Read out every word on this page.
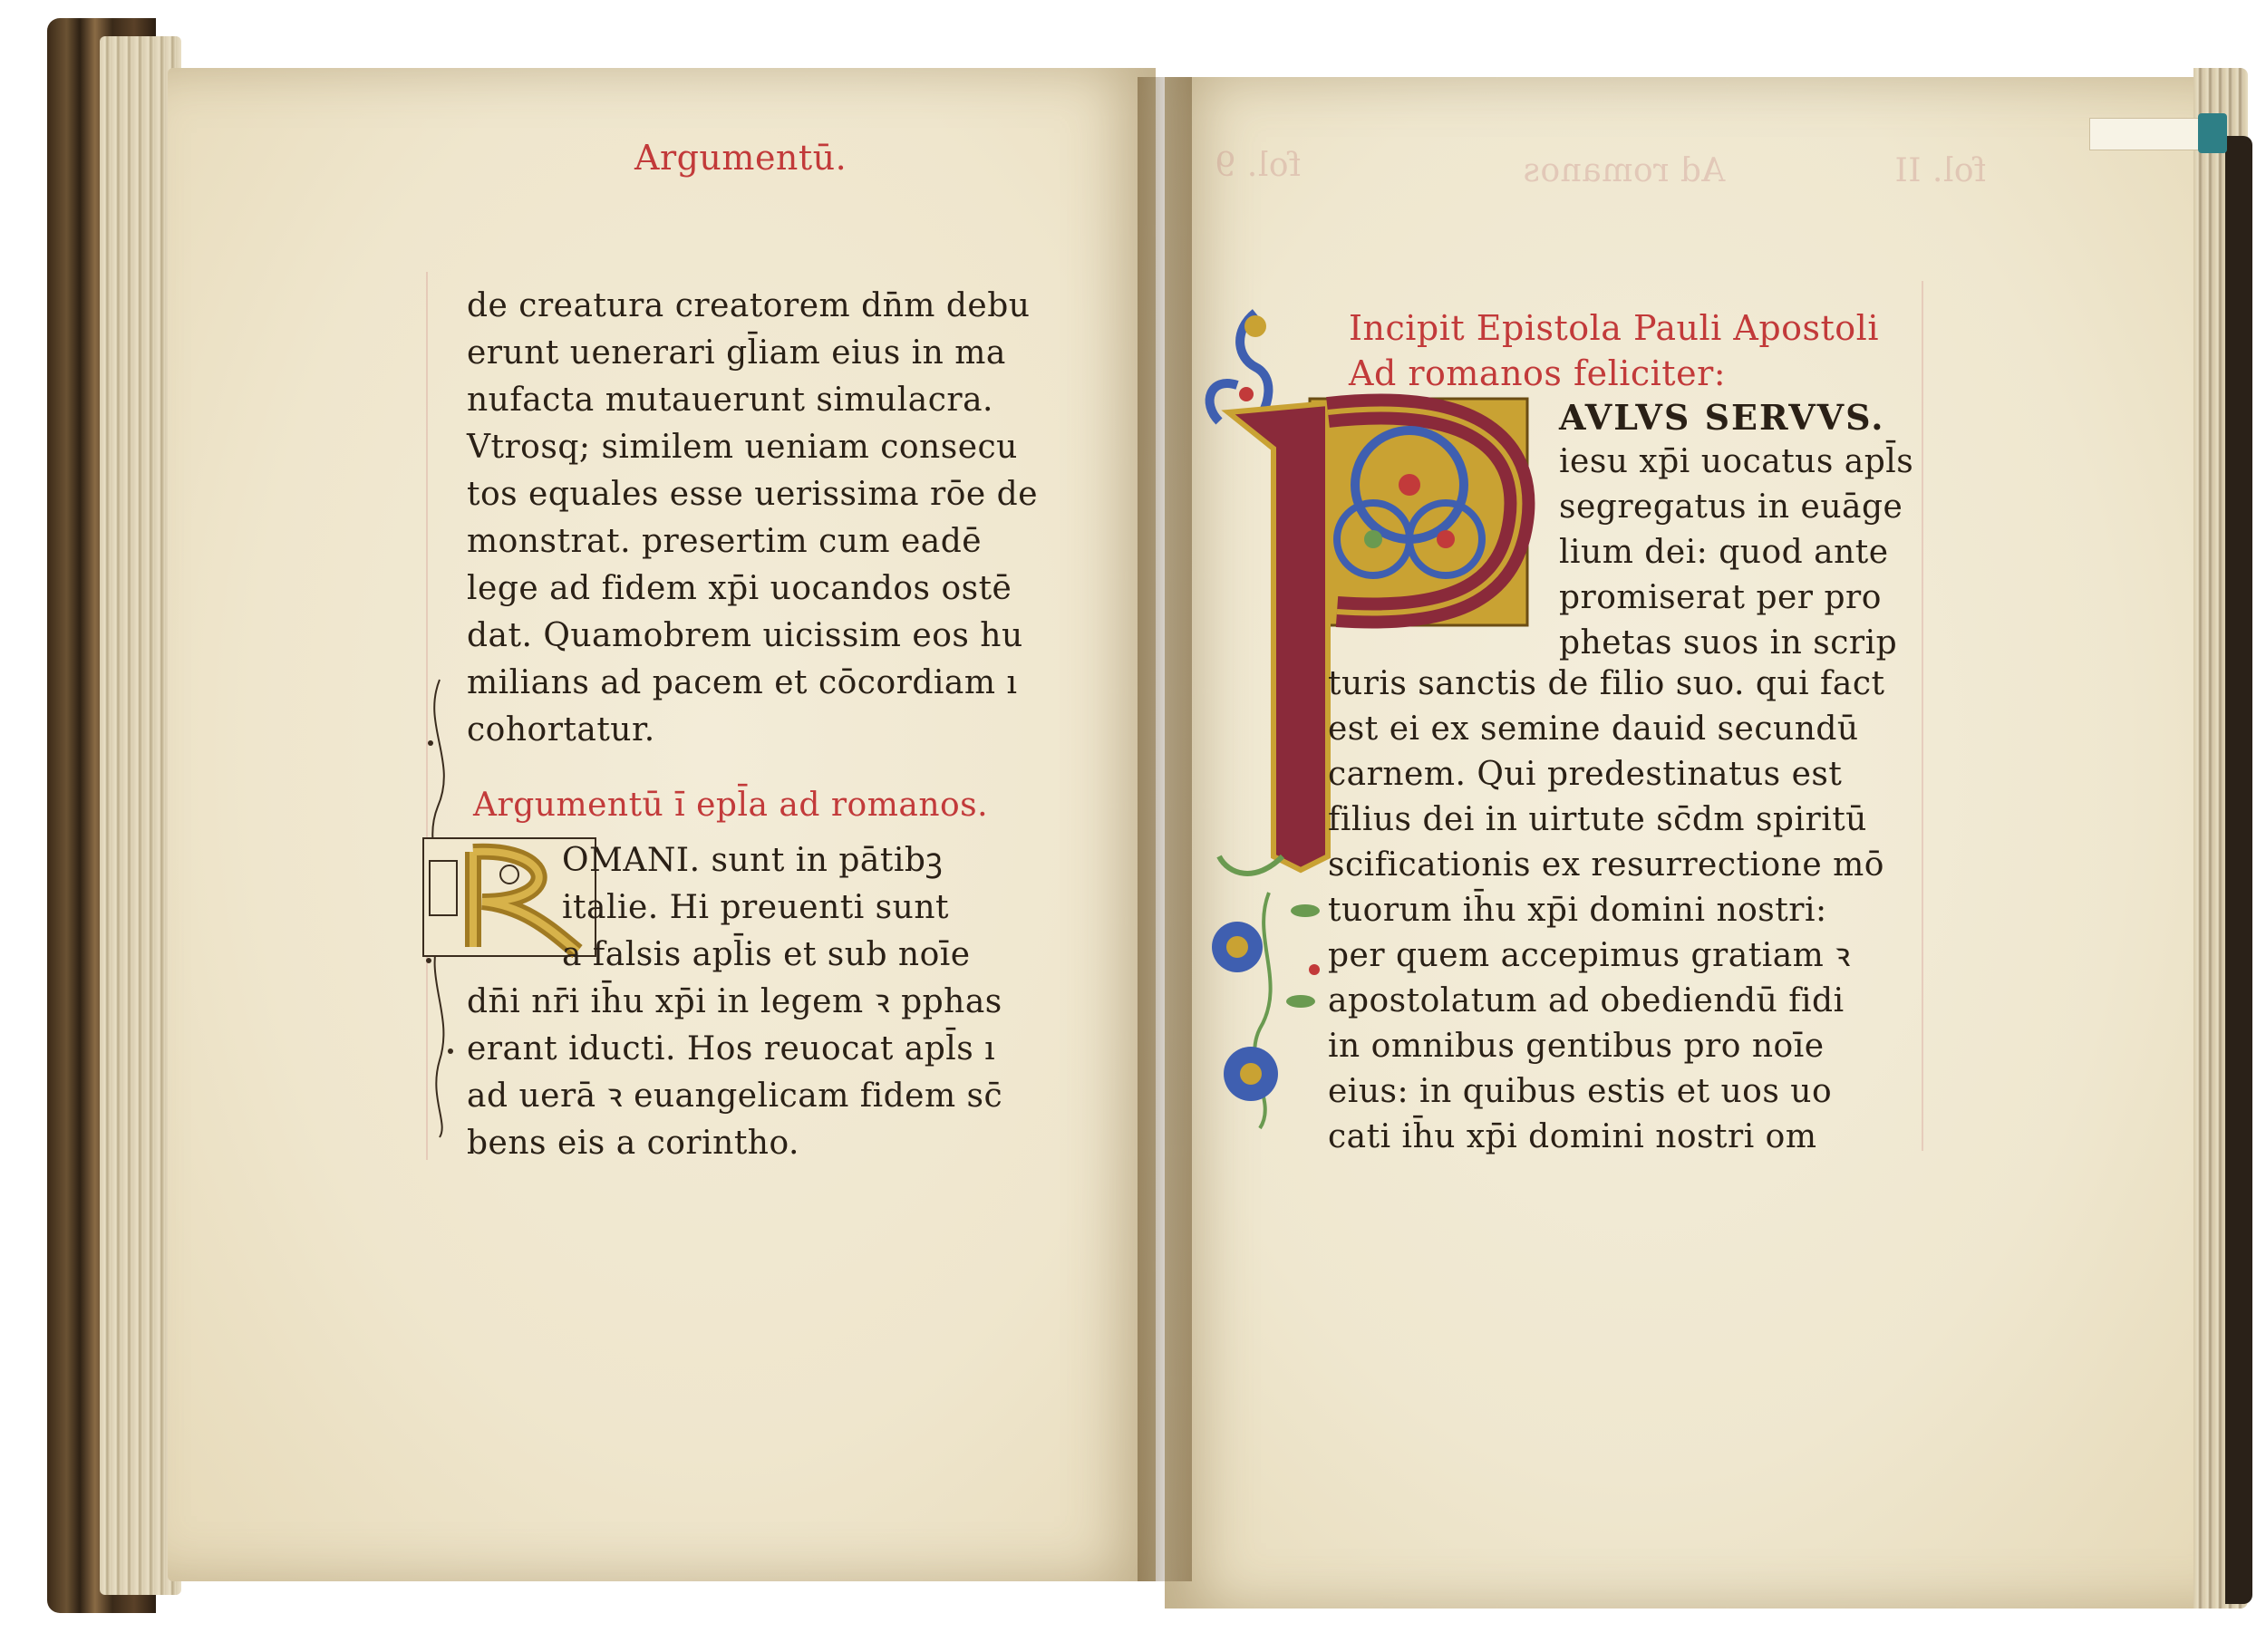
Argumentū.	fol. 9
de creatura creatorem dn̄m debu
erunt uenerari gl̄iam eius in ma
nufacta mutauerunt simulacra.
Vtrosq; similem ueniam consecu
tos equales esse uerissima rōe de
monstrat. presertim cum eadē
lege ad fidem xp̄i uocandos ostē
dat. Quamobrem uicissim eos hu
milians ad pacem et cōcordiam ı
cohortatur.
Argumentū ı̄ epl̄a ad romanos.
OMANI. sunt in pātibꝫ
italie. Hi preuenti sunt
a falsis apl̄is et sub noīe
dn̄i nr̄i ih̄u xp̄i in legem ꝛ pphas
erant iducti. Hos reuocat apl̄s ı
ad uerā ꝛ euangelicam fidem sc̄
bens eis a corintho.
Ad romanos	fol. II
Incipit Epistola Pauli Apostoli
Ad romanos feliciter:
AVLVS SERVVS.
iesu xp̄i uocatus apl̄s
segregatus in euāge
lium dei: quod ante
promiserat per pro
phetas suos in scrip
turis sanctis de filio suo. qui fact
est ei ex semine dauid secundū
carnem. Qui predestinatus est
filius dei in uirtute sc̄dm spiritū
scificationis ex resurrectione mō
tuorum ih̄u xp̄i domini nostri:
per quem accepimus gratiam ꝛ
apostolatum ad obediendū fidi
in omnibus gentibus pro noīe
eius: in quibus estis et uos uo
cati ih̄u xp̄i domini nostri om
